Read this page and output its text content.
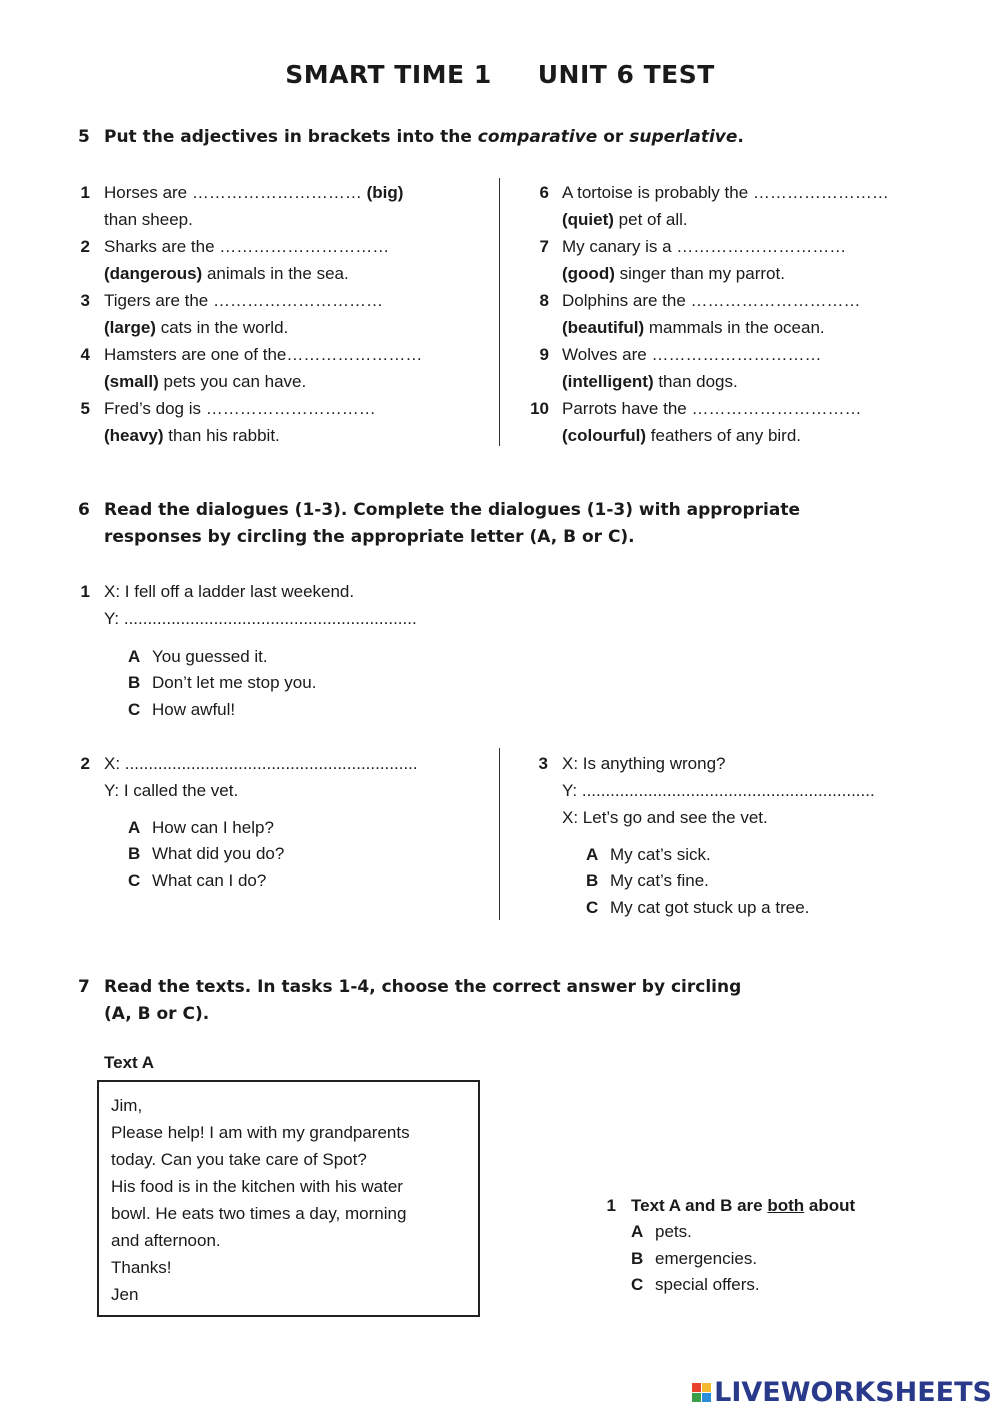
SMART TIME 1 UNIT 6 TEST
5 Put the adjectives in brackets into the comparative or superlative.
1 Horses are ………………………… (big)
than sheep.
2 Sharks are the …………………………
(dangerous) animals in the sea.
3 Tigers are the …………………………
(large) cats in the world.
4 Hamsters are one of the……………………
(small) pets you can have.
5 Fred’s dog is …………………………
(heavy) than his rabbit.
6 A tortoise is probably the ……………………
(quiet) pet of all.
7 My canary is a …………………………
(good) singer than my parrot.
8 Dolphins are the …………………………
(beautiful) mammals in the ocean.
9 Wolves are …………………………
(intelligent) than dogs.
10 Parrots have the …………………………
(colourful) feathers of any bird.
6 Read the dialogues (1-3). Complete the dialogues (1-3) with appropriate
responses by circling the appropriate letter (A, B or C).
1 X: I fell off a ladder last weekend.
Y: ..............................................................
A You guessed it.
B Don’t let me stop you.
C How awful!
2 X: ..............................................................
Y: I called the vet.
A How can I help?
B What did you do?
C What can I do?
3 X: Is anything wrong?
Y: ..............................................................
X: Let’s go and see the vet.
A My cat’s sick.
B My cat’s fine.
C My cat got stuck up a tree.
7 Read the texts. In tasks 1-4, choose the correct answer by circling
(A, B or C).
Text A
Jim,
Please help! I am with my grandparents
today. Can you take care of Spot?
His food is in the kitchen with his water
bowl. He eats two times a day, morning
and afternoon.
Thanks!
Jen
1 Text A and B are both about
A pets.
B emergencies.
C special offers.
LIVEWORKSHEETS
